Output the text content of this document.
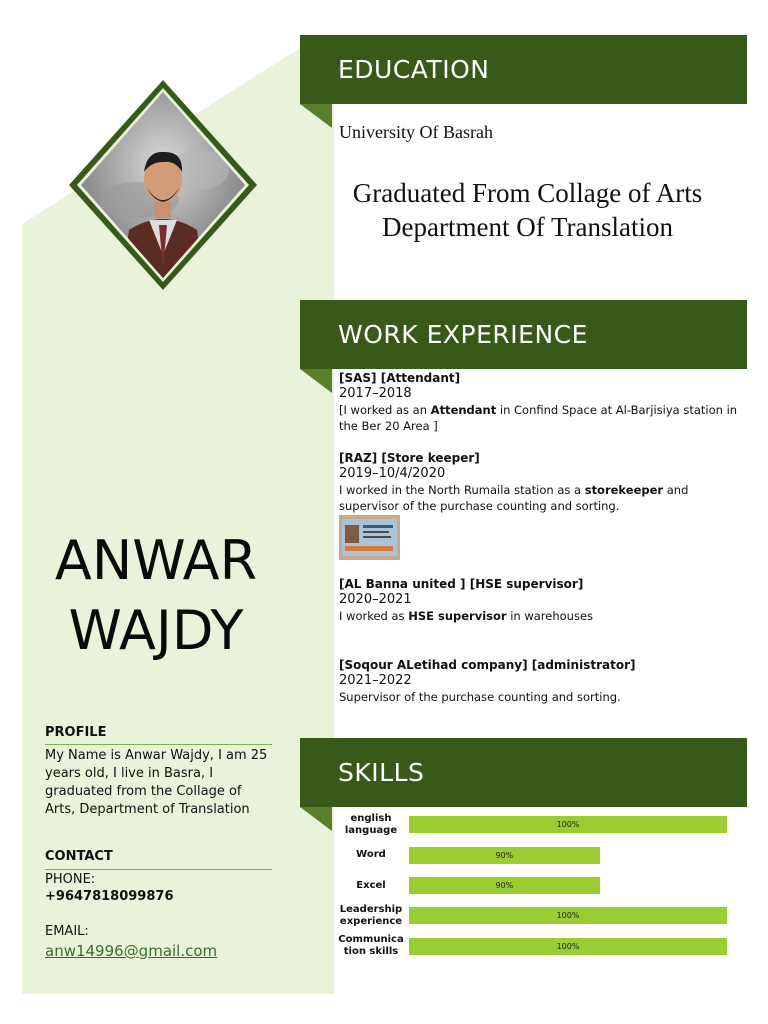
ANWAR
WAJDY
PROFILE
My Name is Anwar Wajdy, I am 25 years old, I live in Basra, I graduated from the Collage of Arts, Department of Translation
CONTACT
PHONE:
+9647818099876
EMAIL:
anw14996@gmail.com
EDUCATION
University Of Basrah
Graduated From Collage of Arts
Department Of Translation
WORK EXPERIENCE
[SAS] [Attendant]
2017–2018
[I worked as an Attendant in Confind Space at Al-Barjisiya station in the Ber 20 Area ]
[RAZ] [Store keeper]
2019–10/4/2020
I worked in the North Rumaila station as a storekeeper and supervisor of the purchase counting and sorting.
[AL Banna united ] [HSE supervisor]
2020–2021
I worked as HSE supervisor in warehouses
[Soqour ALetihad company] [administrator]
2021–2022
Supervisor of the purchase counting and sorting.
SKILLS
english
language
100%
Word	90%
Excel	90%
Leadership
experience
100%
Communica
tion skills	100%
